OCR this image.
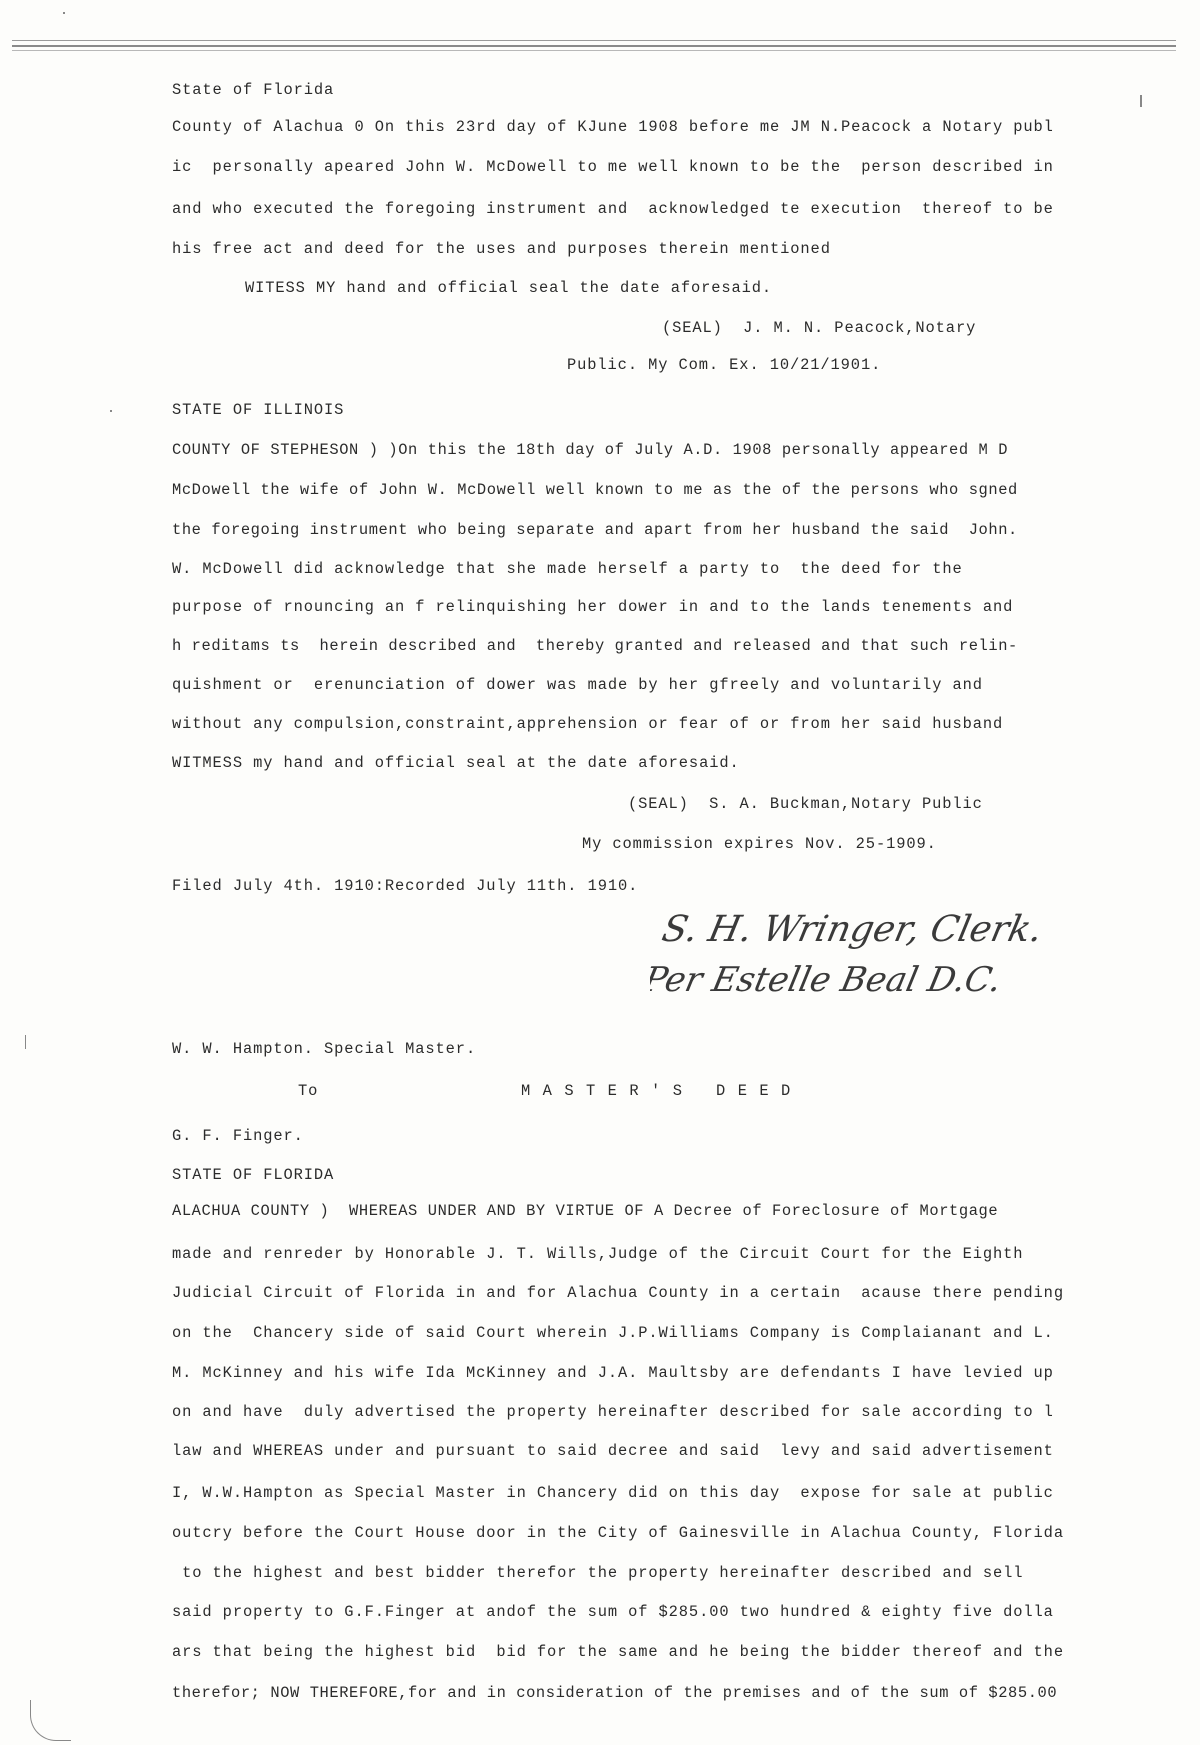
State of Florida
County of Alachua 0 On this 23rd day of KJune 1908 before me JM N.Peacock a Notary publ
ic  personally apeared John W. McDowell to me well known to be the  person described in
and who executed the foregoing instrument and  acknowledged te execution  thereof to be
his free act and deed for the uses and purposes therein mentioned
WITESS MY hand and official seal the date aforesaid.
(SEAL)  J. M. N. Peacock,Notary
Public. My Com. Ex. 10/21/1901.
STATE OF ILLINOIS
COUNTY OF STEPHESON ) )On this the 18th day of July A.D. 1908 personally appeared M D
McDowell the wife of John W. McDowell well known to me as the of the persons who sgned
the foregoing instrument who being separate and apart from her husband the said  John.
W. McDowell did acknowledge that she made herself a party to  the deed for the
purpose of rnouncing an f relinquishing her dower in and to the lands tenements and
h reditams ts  herein described and  thereby granted and released and that such relin-
quishment or  erenunciation of dower was made by her gfreely and voluntarily and
without any compulsion,constraint,apprehension or fear of or from her said husband
WITMESS my hand and official seal at the date aforesaid.
(SEAL)  S. A. Buckman,Notary Public
My commission expires Nov. 25-1909.
Filed July 4th. 1910:Recorded July 11th. 1910.
S. H. Wringer, Clerk.
Per Estelle Beal D.C.
W. W. Hampton. Special Master.
To	M A S T E R ' S   D E E D
G. F. Finger.
STATE OF FLORIDA
ALACHUA COUNTY )  WHEREAS UNDER AND BY VIRTUE OF A Decree of Foreclosure of Mortgage
made and renreder by Honorable J. T. Wills,Judge of the Circuit Court for the Eighth
Judicial Circuit of Florida in and for Alachua County in a certain  acause there pending
on the  Chancery side of said Court wherein J.P.Williams Company is Complaianant and L.
M. McKinney and his wife Ida McKinney and J.A. Maultsby are defendants I have levied up
on and have  duly advertised the property hereinafter described for sale according to l
law and WHEREAS under and pursuant to said decree and said  levy and said advertisement
I, W.W.Hampton as Special Master in Chancery did on this day  expose for sale at public
outcry before the Court House door in the City of Gainesville in Alachua County, Florida
to the highest and best bidder therefor the property hereinafter described and sell
said property to G.F.Finger at andof the sum of $285.00 two hundred & eighty five dolla
ars that being the highest bid  bid for the same and he being the bidder thereof and the
therefor; NOW THEREFORE,for and in consideration of the premises and of the sum of $285.00
